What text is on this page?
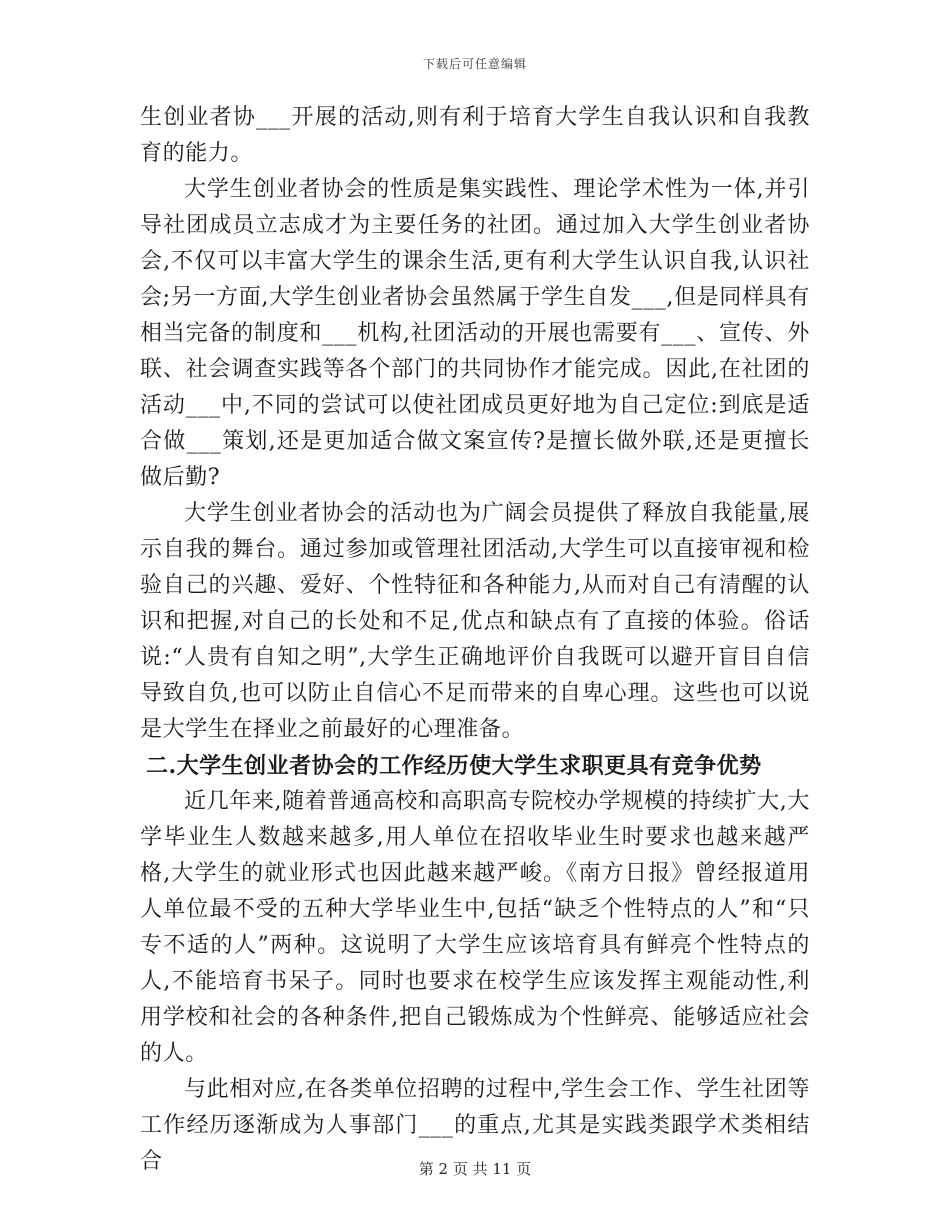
下载后可任意编辑

生创业者协___开展的活动,则有利于培育大学生自我认识和自我教育的能力。

大学生创业者协会的性质是集实践性、理论学术性为一体,并引导社团成员立志成才为主要任务的社团。通过加入大学生创业者协会,不仅可以丰富大学生的课余生活,更有利大学生认识自我,认识社会;另一方面,大学生创业者协会虽然属于学生自发___,但是同样具有相当完备的制度和___机构,社团活动的开展也需要有___、宣传、外联、社会调查实践等各个部门的共同协作才能完成。因此,在社团的活动___中,不同的尝试可以使社团成员更好地为自己定位:到底是适合做___策划,还是更加适合做文案宣传?是擅长做外联,还是更擅长做后勤?

大学生创业者协会的活动也为广阔会员提供了释放自我能量,展示自我的舞台。通过参加或管理社团活动,大学生可以直接审视和检验自己的兴趣、爱好、个性特征和各种能力,从而对自己有清醒的认识和把握,对自己的长处和不足,优点和缺点有了直接的体验。俗话说:“人贵有自知之明”,大学生正确地评价自我既可以避开盲目自信导致自负,也可以防止自信心不足而带来的自卑心理。这些也可以说是大学生在择业之前最好的心理准备。

二.大学生创业者协会的工作经历使大学生求职更具有竞争优势

近几年来,随着普通高校和高职高专院校办学规模的持续扩大,大学毕业生人数越来越多,用人单位在招收毕业生时要求也越来越严格,大学生的就业形式也因此越来越严峻。《南方日报》曾经报道用人单位最不受的五种大学毕业生中,包括“缺乏个性特点的人”和“只专不适的人”两种。这说明了大学生应该培育具有鲜亮个性特点的人,不能培育书呆子。同时也要求在校学生应该发挥主观能动性,利用学校和社会的各种条件,把自己锻炼成为个性鲜亮、能够适应社会的人。

与此相对应,在各类单位招聘的过程中,学生会工作、学生社团等工作经历逐渐成为人事部门___的重点,尤其是实践类跟学术类相结合	第 2 页 共 11 页
